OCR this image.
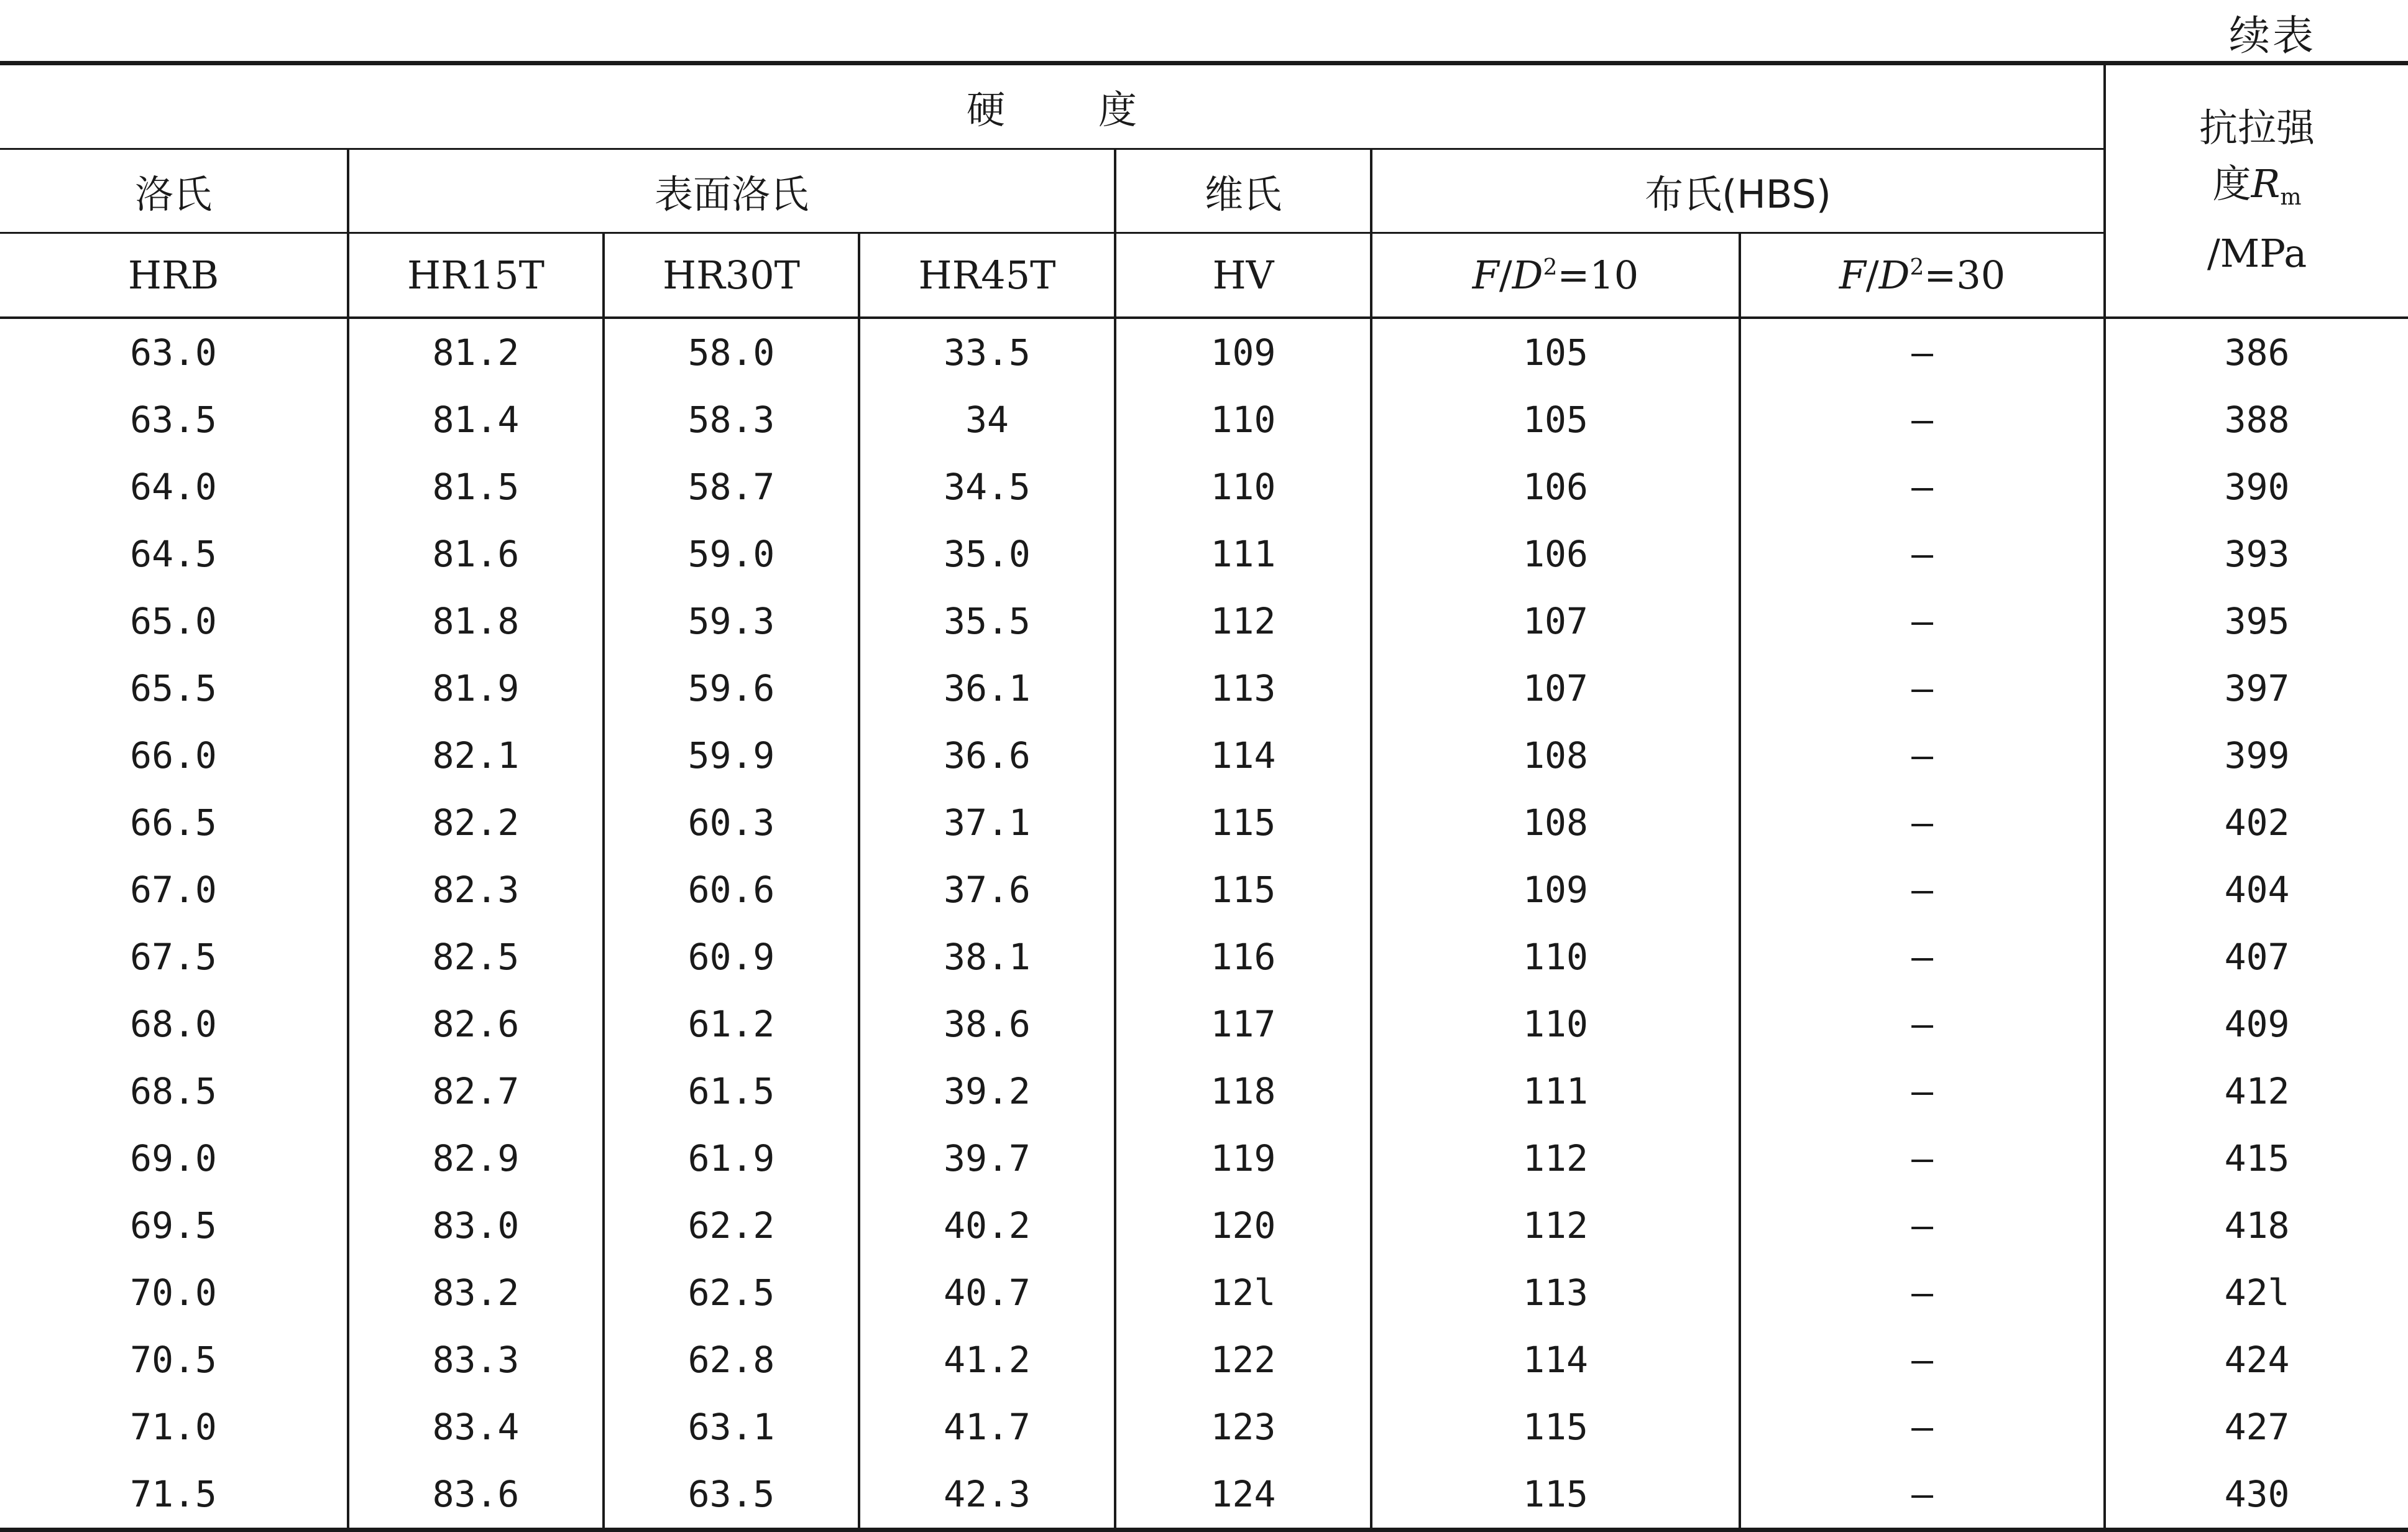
续表
硬度							抗拉强
度$R_m$
/MPa

洛氏	表面洛氏			维氏	布氏(HBS)		
HRB	HR15T	HR30T	HR45T	HV	$F/D^2=10$	$F/D^2=30$	
63.0	81.2	58.0	33.5	109	105	—	386
63.5	81.4	58.3	34	110	105	—	388
64.0	81.5	58.7	34.5	110	106	—	390
64.5	81.6	59.0	35.0	111	106	—	393
65.0	81.8	59.3	35.5	112	107	—	395
65.5	81.9	59.6	36.1	113	107	—	397
66.0	82.1	59.9	36.6	114	108	—	399
66.5	82.2	60.3	37.1	115	108	—	402
67.0	82.3	60.6	37.6	115	109	—	404
67.5	82.5	60.9	38.1	116	110	—	407
68.0	82.6	61.2	38.6	117	110	—	409
68.5	82.7	61.5	39.2	118	111	—	412
69.0	82.9	61.9	39.7	119	112	—	415
69.5	83.0	62.2	40.2	120	112	—	418
70.0	83.2	62.5	40.7	12l	113	—	42l
70.5	83.3	62.8	41.2	122	114	—	424
71.0	83.4	63.1	41.7	123	115	—	427
71.5	83.6	63.5	42.3	124	115	—	430
